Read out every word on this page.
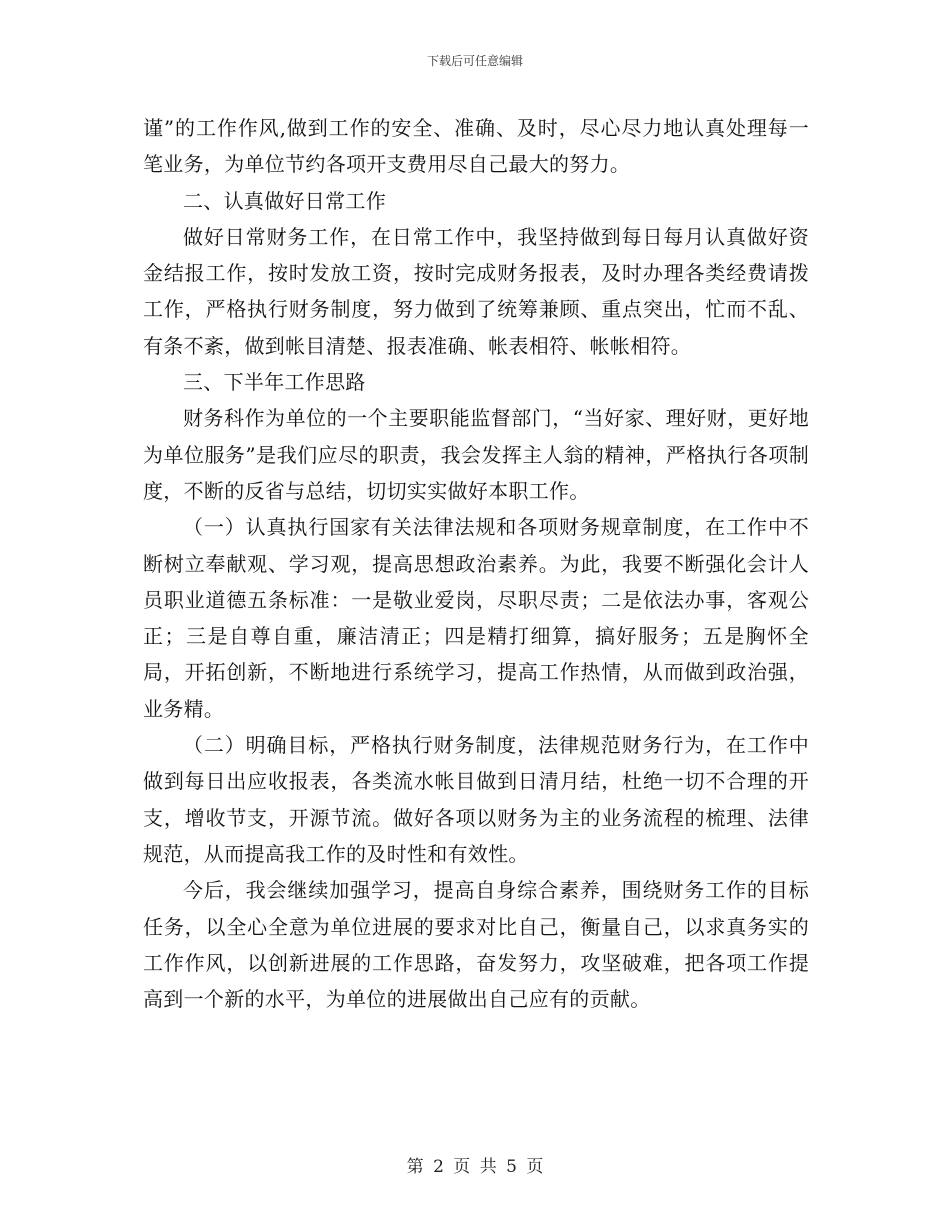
下载后可任意编辑

谨”的工作作风,做到工作的安全、准确、及时，尽心尽力地认真处理每一笔业务，为单位节约各项开支费用尽自己最大的努力。

二、认真做好日常工作

做好日常财务工作，在日常工作中，我坚持做到每日每月认真做好资金结报工作，按时发放工资，按时完成财务报表，及时办理各类经费请拨工作，严格执行财务制度，努力做到了统筹兼顾、重点突出，忙而不乱、有条不紊，做到帐目清楚、报表准确、帐表相符、帐帐相符。

三、下半年工作思路

财务科作为单位的一个主要职能监督部门，“当好家、理好财，更好地为单位服务”是我们应尽的职责，我会发挥主人翁的精神，严格执行各项制度，不断的反省与总结，切切实实做好本职工作。

（一）认真执行国家有关法律法规和各项财务规章制度，在工作中不断树立奉献观、学习观，提高思想政治素养。为此，我要不断强化会计人员职业道德五条标准：一是敬业爱岗，尽职尽责；二是依法办事，客观公正；三是自尊自重，廉洁清正；四是精打细算，搞好服务；五是胸怀全局，开拓创新，不断地进行系统学习，提高工作热情，从而做到政治强，业务精。

（二）明确目标，严格执行财务制度，法律规范财务行为，在工作中做到每日出应收报表，各类流水帐目做到日清月结，杜绝一切不合理的开支，增收节支，开源节流。做好各项以财务为主的业务流程的梳理、法律规范，从而提高我工作的及时性和有效性。

今后，我会继续加强学习，提高自身综合素养，围绕财务工作的目标任务，以全心全意为单位进展的要求对比自己，衡量自己，以求真务实的工作作风，以创新进展的工作思路，奋发努力，攻坚破难，把各项工作提高到一个新的水平，为单位的进展做出自己应有的贡献。

第 2 页 共 5 页
